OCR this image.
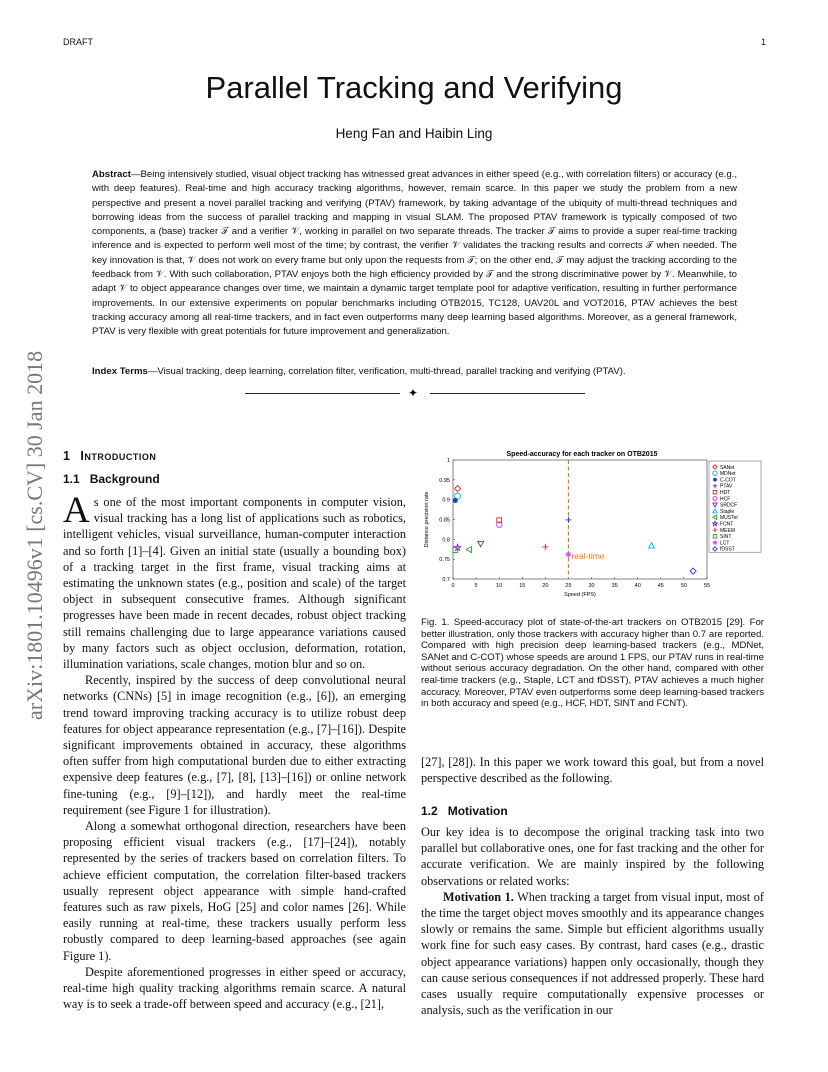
DRAFT	1
Parallel Tracking and Verifying
Heng Fan and Haibin Ling

Abstract—Being intensively studied, visual object tracking has witnessed great advances in either speed (e.g., with correlation filters) or accuracy (e.g., with deep features). Real-time and high accuracy tracking algorithms, however, remain scarce. In this paper we study the problem from a new perspective and present a novel parallel tracking and verifying (PTAV) framework, by taking advantage of the ubiquity of multi-thread techniques and borrowing ideas from the success of parallel tracking and mapping in visual SLAM. The proposed PTAV framework is typically composed of two components, a (base) tracker 𝒯 and a verifier 𝒱, working in parallel on two separate threads. The tracker 𝒯 aims to provide a super real-time tracking inference and is expected to perform well most of the time; by contrast, the verifier 𝒱 validates the tracking results and corrects 𝒯 when needed. The key innovation is that, 𝒱 does not work on every frame but only upon the requests from 𝒯; on the other end, 𝒯 may adjust the tracking according to the feedback from 𝒱. With such collaboration, PTAV enjoys both the high efficiency provided by 𝒯 and the strong discriminative power by 𝒱. Meanwhile, to adapt 𝒱 to object appearance changes over time, we maintain a dynamic target template pool for adaptive verification, resulting in further performance improvements. In our extensive experiments on popular benchmarks including OTB2015, TC128, UAV20L and VOT2016, PTAV achieves the best tracking accuracy among all real-time trackers, and in fact even outperforms many deep learning based algorithms. Moreover, as a general framework, PTAV is very flexible with great potentials for future improvement and generalization.

Index Terms—Visual tracking, deep learning, correlation filter, verification, multi-thread, parallel tracking and verifying (PTAV).

✦
arXiv:1801.10496v1 [cs.CV] 30 Jan 2018 1 Introduction
1.1 Background

As one of the most important components in computer vision, visual tracking has a long list of applications such as robotics, intelligent vehicles, visual surveillance, human-computer interaction and so forth [1]–[4]. Given an initial state (usually a bounding box) of a tracking target in the first frame, visual tracking aims at estimating the unknown states (e.g., position and scale) of the target object in subsequent consecutive frames. Although significant progresses have been made in recent decades, robust object tracking still remains challenging due to large appearance variations caused by many factors such as object occlusion, deformation, rotation, illumination variations, scale changes, motion blur and so on.

Recently, inspired by the success of deep convolutional neural networks (CNNs) [5] in image recognition (e.g., [6]), an emerging trend toward improving tracking accuracy is to utilize robust deep features for object appearance representation (e.g., [7]–[16]). Despite significant improvements obtained in accuracy, these algorithms often suffer from high computational burden due to either extracting expensive deep features (e.g., [7], [8], [13]–[16]) or online network fine-tuning (e.g., [9]–[12]), and hardly meet the real-time requirement (see Figure 1 for illustration).

Along a somewhat orthogonal direction, researchers have been proposing efficient visual trackers (e.g., [17]–[24]), notably represented by the series of trackers based on correlation filters. To achieve efficient computation, the correlation filter-based trackers usually represent object appearance with simple hand-crafted features such as raw pixels, HoG [25] and color names [26]. While easily running at real-time, these trackers usually perform less robustly compared to deep learning-based approaches (see again Figure 1).

Despite aforementioned progresses in either speed or accuracy, real-time high quality tracking algorithms remain scarce. A natural way is to seek a trade-off between speed and accuracy (e.g., [21],

Speed-accuracy for each tracker on OTB2015
0	5	10	15	20	25	30	35	40	45	50	55
0.7
0.75
0.8
0.85
0.9
0.95
1
Speed (FPS)
Distance precision rate
real-time
SANet
MDNet
C-COT
PTAV
HDT
HCF
SRDCF
Staple
MUSTer
FCNT
MEEM
SINT
LCT
fDSST

Fig. 1. Speed-accuracy plot of state-of-the-art trackers on OTB2015 [29]. For better illustration, only those trackers with accuracy higher than 0.7 are reported. Compared with high precision deep learning-based trackers (e.g., MDNet, SANet and C-COT) whose speeds are around 1 FPS, our PTAV runs in real-time without serious accuracy degradation. On the other hand, compared with other real-time trackers (e.g., Staple, LCT and fDSST), PTAV achieves a much higher accuracy. Moreover, PTAV even outperforms some deep learning-based trackers in both accuracy and speed (e.g., HCF, HDT, SINT and FCNT).

[27], [28]). In this paper we work toward this goal, but from a novel perspective described as the following.

1.2 Motivation

Our key idea is to decompose the original tracking task into two parallel but collaborative ones, one for fast tracking and the other for accurate verification. We are mainly inspired by the following observations or related works:

Motivation 1. When tracking a target from visual input, most of the time the target object moves smoothly and its appearance changes slowly or remains the same. Simple but efficient algorithms usually work fine for such easy cases. By contrast, hard cases (e.g., drastic object appearance variations) happen only occasionally, though they can cause serious consequences if not addressed properly. These hard cases usually require computationally expensive processes or analysis, such as the verification in our
